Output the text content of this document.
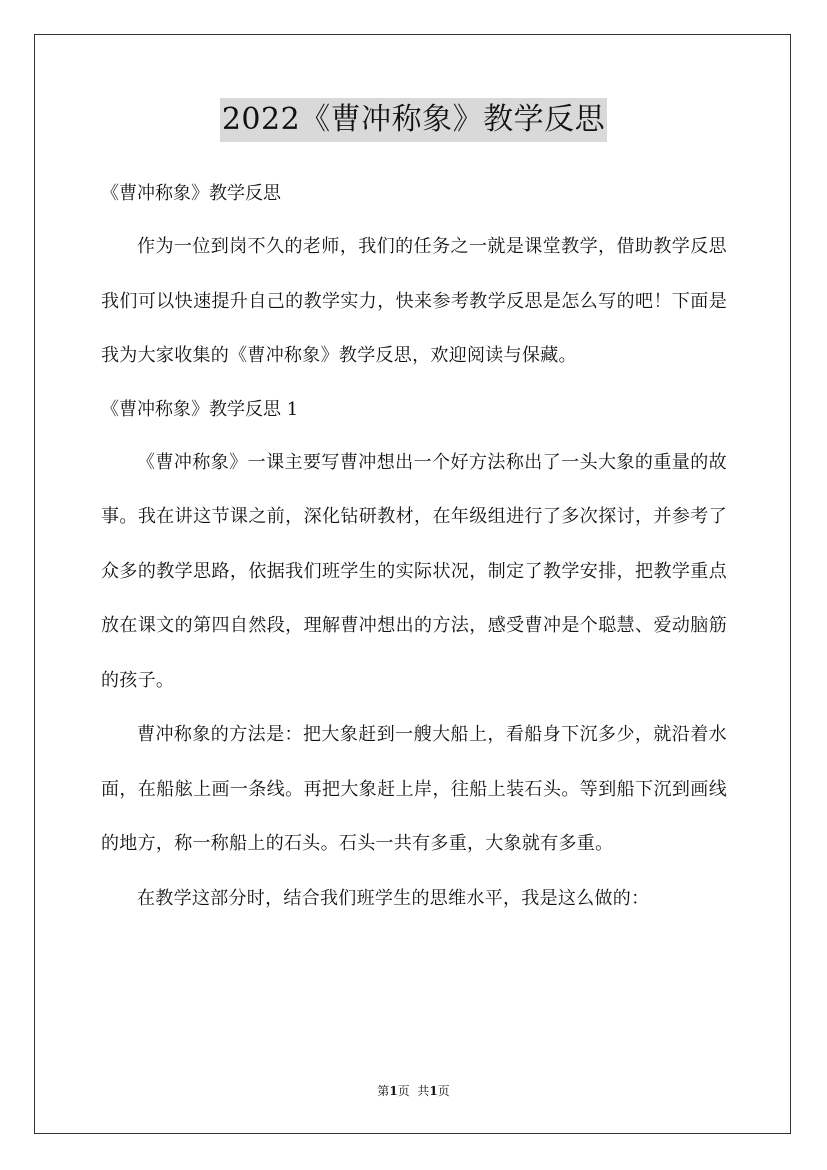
2022《曹冲称象》教学反思

《曹冲称象》教学反思

作为一位到岗不久的老师，我们的任务之一就是课堂教学，借助教学反思我们可以快速提升自己的教学实力，快来参考教学反思是怎么写的吧！下面是我为大家收集的《曹冲称象》教学反思，欢迎阅读与保藏。

《曹冲称象》教学反思 1

《曹冲称象》一课主要写曹冲想出一个好方法称出了一头大象的重量的故事。我在讲这节课之前，深化钻研教材，在年级组进行了多次探讨，并参考了众多的教学思路，依据我们班学生的实际状况，制定了教学安排，把教学重点放在课文的第四自然段，理解曹冲想出的方法，感受曹冲是个聪慧、爱动脑筋的孩子。

曹冲称象的方法是：把大象赶到一艘大船上，看船身下沉多少，就沿着水面，在船舷上画一条线。再把大象赶上岸，往船上装石头。等到船下沉到画线的地方，称一称船上的石头。石头一共有多重，大象就有多重。

在教学这部分时，结合我们班学生的思维水平，我是这么做的：

第1页  共1页
